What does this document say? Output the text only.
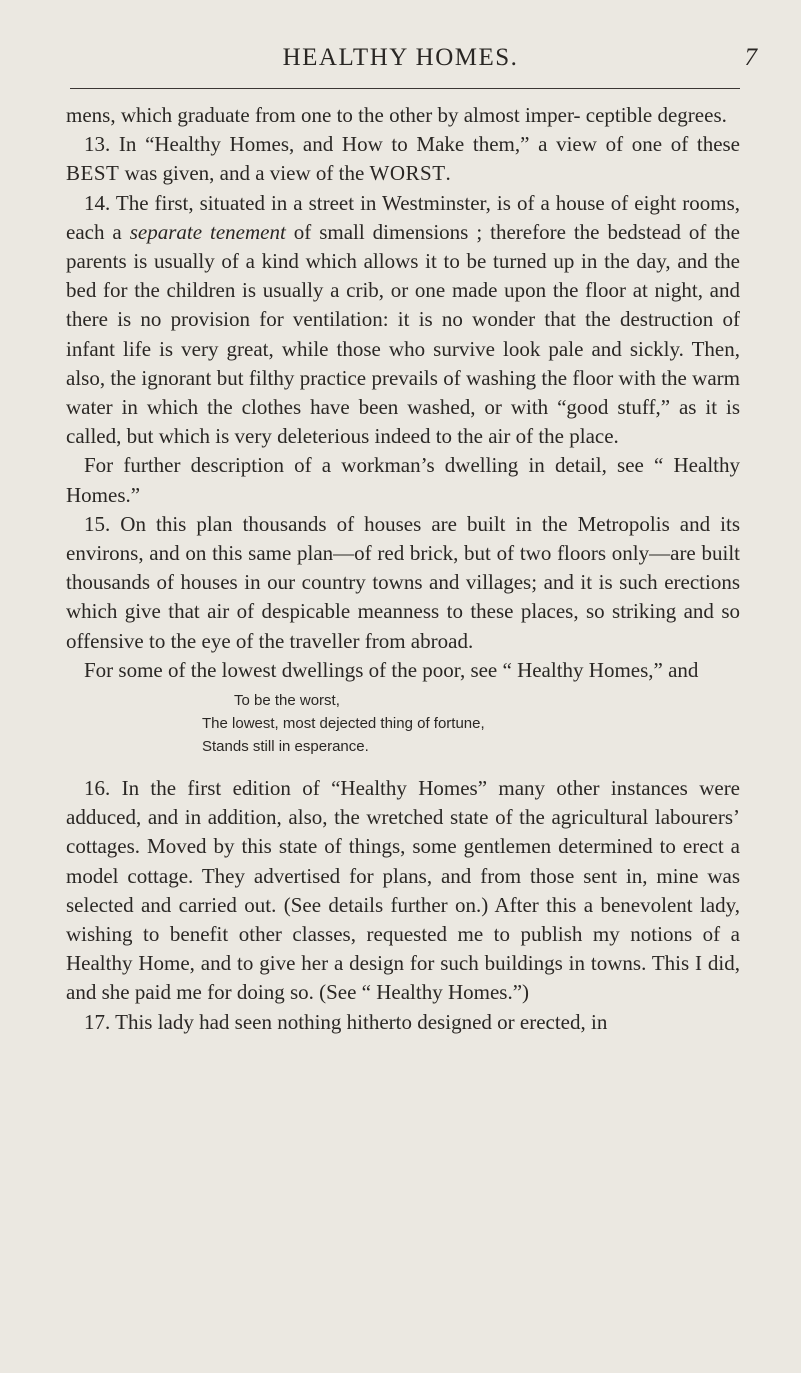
HEALTHY HOMES.	7

mens, which graduate from one to the other by almost imper- ceptible degrees.

13. In “Healthy Homes, and How to Make them,” a view of one of these BEST was given, and a view of the WORST.

14. The first, situated in a street in Westminster, is of a house of eight rooms, each a separate tenement of small dimensions ; therefore the bedstead of the parents is usually of a kind which allows it to be turned up in the day, and the bed for the children is usually a crib, or one made upon the floor at night, and there is no provision for ventilation: it is no wonder that the destruction of infant life is very great, while those who survive look pale and sickly. Then, also, the ignorant but filthy practice prevails of washing the floor with the warm water in which the clothes have been washed, or with “good stuff,” as it is called, but which is very deleterious indeed to the air of the place.

For further description of a workman’s dwelling in detail, see “ Healthy Homes.”

15. On this plan thousands of houses are built in the Metropolis and its environs, and on this same plan—of red brick, but of two floors only—are built thousands of houses in our country towns and villages; and it is such erections which give that air of despicable meanness to these places, so striking and so offensive to the eye of the traveller from abroad.

For some of the lowest dwellings of the poor, see “ Healthy Homes,” and

To be the worst,
The lowest, most dejected thing of fortune,
Stands still in esperance.

16. In the first edition of “Healthy Homes” many other instances were adduced, and in addition, also, the wretched state of the agricultural labourers’ cottages. Moved by this state of things, some gentlemen determined to erect a model cottage. They advertised for plans, and from those sent in, mine was selected and carried out. (See details further on.) After this a benevolent lady, wishing to benefit other classes, requested me to publish my notions of a Healthy Home, and to give her a design for such buildings in towns. This I did, and she paid me for doing so. (See “ Healthy Homes.”)

17. This lady had seen nothing hitherto designed or erected, in
